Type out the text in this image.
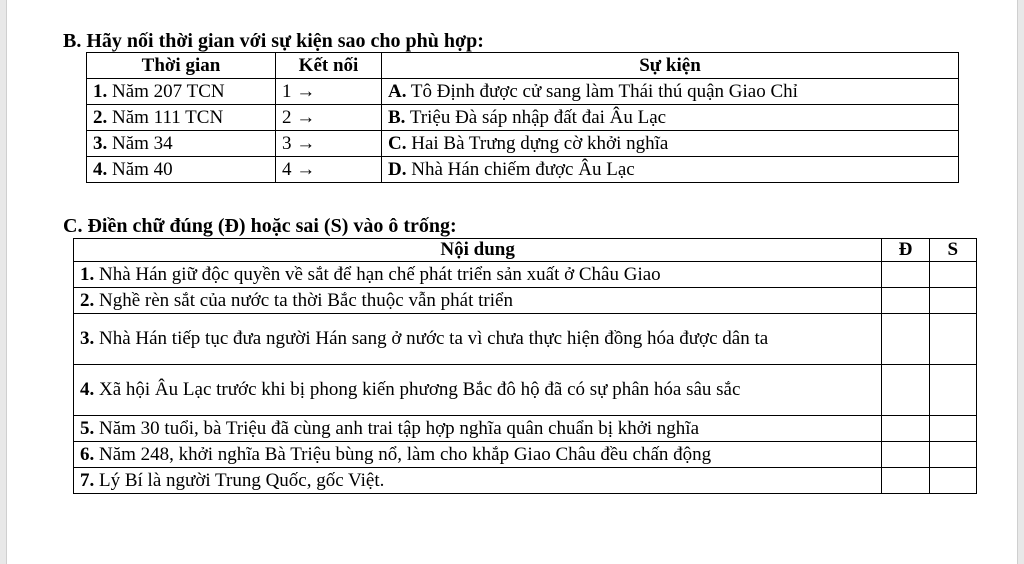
B. Hãy nối thời gian với sự kiện sao cho phù hợp:
Thời gian	Kết nối	Sự kiện
1. Năm 207 TCN	1 →	A. Tô Định được cử sang làm Thái thú quận Giao Chỉ
2. Năm 111 TCN	2 →	B. Triệu Đà sáp nhập đất đai Âu Lạc
3. Năm 34	3 →	C. Hai Bà Trưng dựng cờ khởi nghĩa
4. Năm 40	4 →	D. Nhà Hán chiếm được Âu Lạc
C. Điền chữ đúng (Đ) hoặc sai (S) vào ô trống:
Nội dung	Đ	S
1. Nhà Hán giữ độc quyền về sắt để hạn chế phát triển sản xuất ở Châu Giao		
2. Nghề rèn sắt của nước ta thời Bắc thuộc vẫn phát triển		
3. Nhà Hán tiếp tục đưa người Hán sang ở nước ta vì chưa thực hiện đồng hóa được dân ta		
4. Xã hội Âu Lạc trước khi bị phong kiến phương Bắc đô hộ đã có sự phân hóa sâu sắc		
5. Năm 30 tuổi, bà Triệu đã cùng anh trai tập hợp nghĩa quân chuẩn bị khởi nghĩa		
6. Năm 248, khởi nghĩa Bà Triệu bùng nổ, làm cho khắp Giao Châu đều chấn động		
7. Lý Bí là người Trung Quốc, gốc Việt.		
